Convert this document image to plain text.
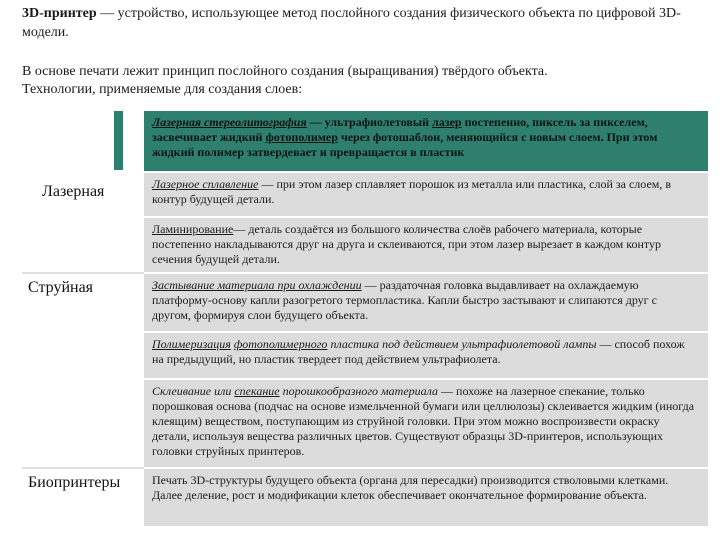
3D-принтер — устройство, использующее метод послойного создания физического объекта по цифровой 3D-модели.
В основе печати лежит принцип послойного создания (выращивания) твёрдого объекта.
Технологии, применяемые для создания слоев:
Лазерная	Лазерная стереолитография — ультрафиолетовый лазер постепенно, пиксель за пикселем, засвечивает жидкий фотополимер через фотошаблон, меняющийся с новым слоем. При этом жидкий полимер затвердевает и превращается в пластик
	Лазерное сплавление — при этом лазер сплавляет порошок из металла или пластика, слой за слоем, в контур будущей детали.
	Ламинирование— деталь создаётся из большого количества слоёв рабочего материала, которые постепенно накладываются друг на друга и склеиваются, при этом лазер вырезает в каждом контур сечения будущей детали.
Струйная	Застывание материала при охлаждении — раздаточная головка выдавливает на охлаждаемую платформу-основу капли разогретого термопластика. Капли быстро застывают и слипаются друг с другом, формируя слои будущего объекта.
	Полимеризация фотополимерного пластика под действием ультрафиолетовой лампы — способ похож на предыдущий, но пластик твердеет под действием ультрафиолета.
	Склеивание или спекание порошкообразного материала — похоже на лазерное спекание, только порошковая основа (подчас на основе измельченной бумаги или целлюлозы) склеивается жидким (иногда клеящим) веществом, поступающим из струйной головки. При этом можно воспроизвести окраску детали, используя вещества различных цветов. Существуют образцы 3D-принтеров, использующих головки струйных принтеров.
Биопринтеры	Печать 3D-структуры будущего объекта (органа для пересадки) производится стволовыми клетками. Далее деление, рост и модификации клеток обеспечивает окончательное формирование объекта.
